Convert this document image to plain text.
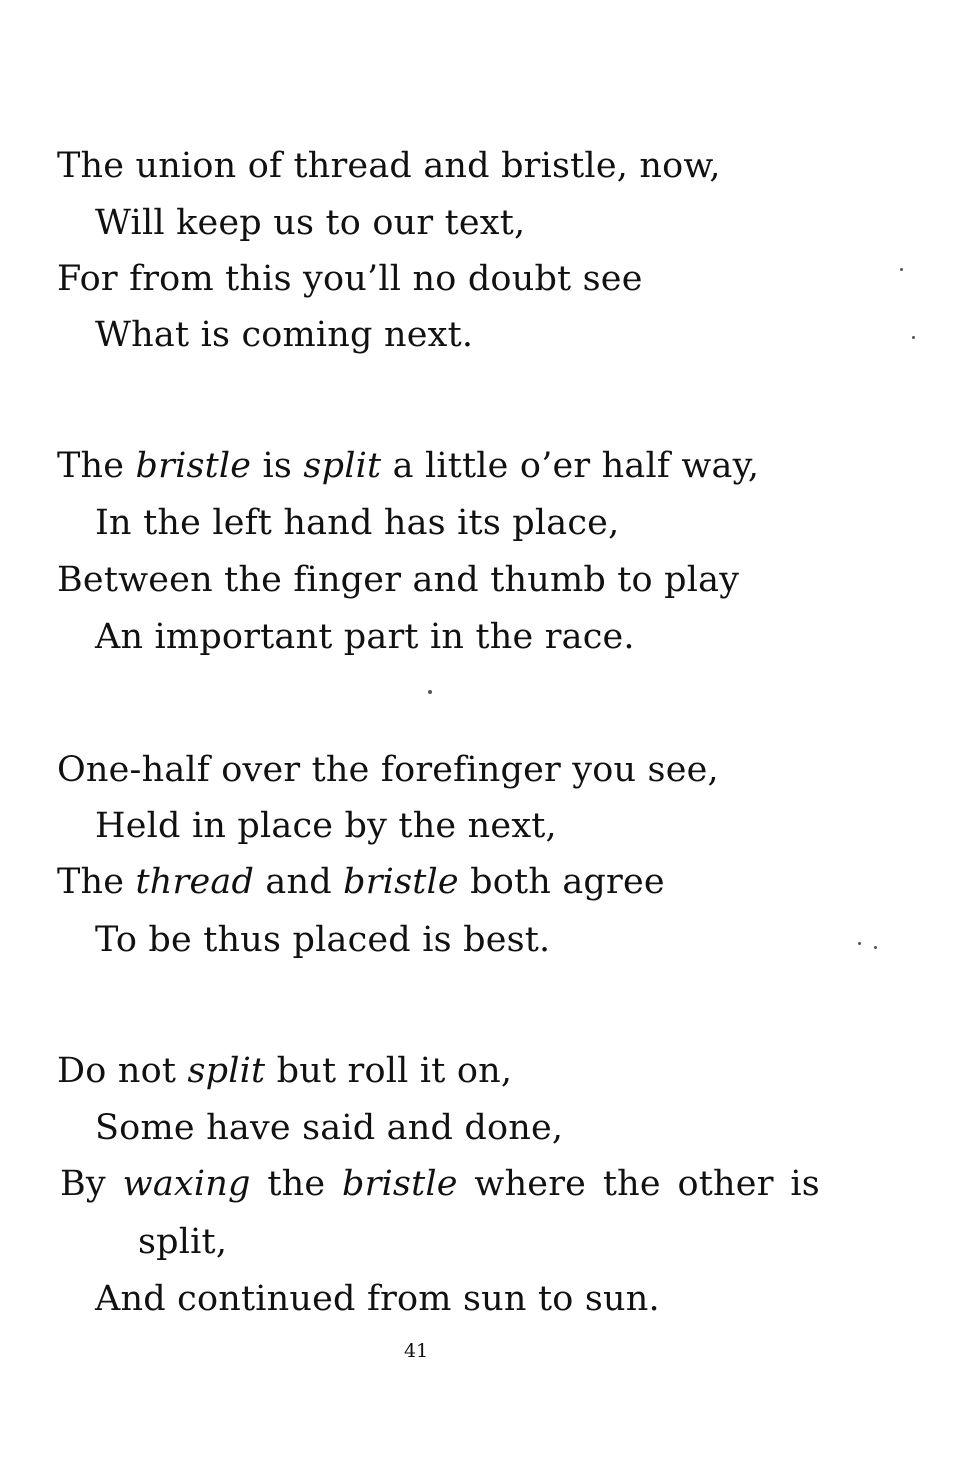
The union of thread and bristle, now,
Will keep us to our text,
For from this you’ll no doubt see
What is coming next.
The bristle is split a little o’er half way,
In the left hand has its place,
Between the finger and thumb to play
An important part in the race.
One-half over the forefinger you see,
Held in place by the next,
The thread and bristle both agree
To be thus placed is best.
Do not split but roll it on,
Some have said and done,
By waxing the bristle where the other is
split,
And continued from sun to sun.
41
